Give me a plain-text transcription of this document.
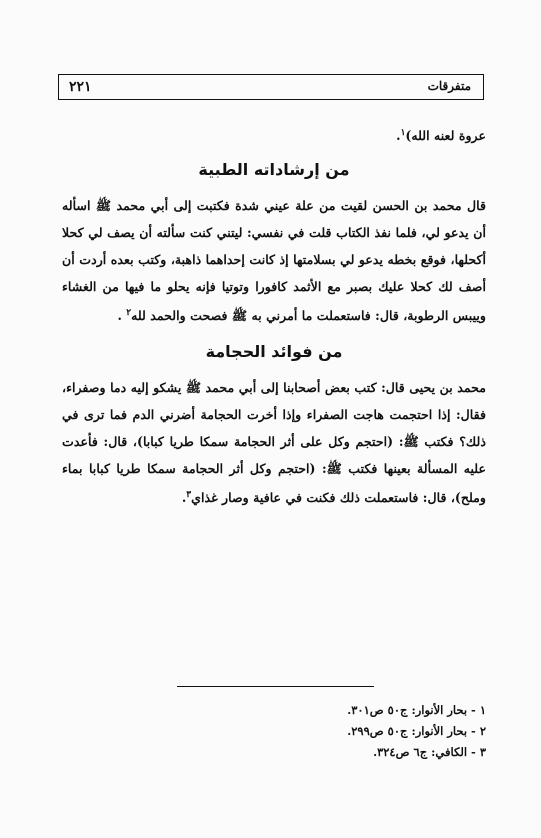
٢٢١	متفرقات
عروة لعنه الله)$^١$.
من إرشاداته الطبية
قال محمد بن الحسن لقيت من علة عيني شدة فكتبت إلى أبي محمد ﷺ اسأله أن يدعو لي، فلما نفذ الكتاب قلت في نفسي: ليتني كنت سألته أن يصف لي كحلا أكحلها، فوقع بخطه يدعو لي بسلامتها إذ كانت إحداهما ذاهبة، وكتب بعده أردت أن أصف لك كحلا عليك بصبر مع الأثمد كافورا وتوتيا فإنه يحلو ما فيها من الغشاء وييبس الرطوبة، قال: فاستعملت ما أمرني به ﷺ فصحت والحمد لله$^٢$ .
من فوائد الحجامة
محمد بن يحيى قال: كتب بعض أصحابنا إلى أبي محمد ﷺ يشكو إليه دما وصفراء، فقال: إذا احتجمت هاجت الصفراء وإذا أخرت الحجامة أضرني الدم فما ترى في ذلك؟ فكتب ﷺ: (احتجم وكل على أثر الحجامة سمكا طريا كبابا)، قال: فأعدت عليه المسألة بعينها فكتب ﷺ: (احتجم وكل أثر الحجامة سمكا طريا كبابا بماء وملح)، قال: فاستعملت ذلك فكنت في عافية وصار غذاي$^٣$.
١ - بحار الأنوار: ج٥٠ ص٣٠١.
٢ - بحار الأنوار: ج٥٠ ص٢٩٩.
٣ - الكافي: ج٦ ص٣٢٤.
